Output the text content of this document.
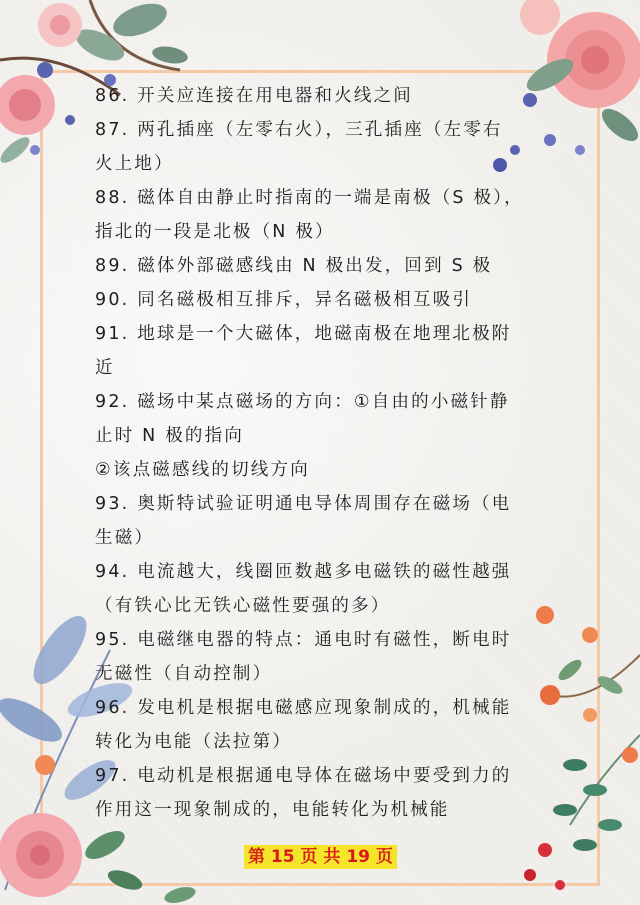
86. 开关应连接在用电器和火线之间
87. 两孔插座（左零右火），三孔插座（左零右
火上地）
88. 磁体自由静止时指南的一端是南极（S 极），
指北的一段是北极（N 极）
89. 磁体外部磁感线由 N 极出发，回到 S 极
90. 同名磁极相互排斥，异名磁极相互吸引
91. 地球是一个大磁体，地磁南极在地理北极附
近
92. 磁场中某点磁场的方向：①自由的小磁针静
止时 N 极的指向
②该点磁感线的切线方向
93. 奥斯特试验证明通电导体周围存在磁场（电
生磁）
94. 电流越大，线圈匝数越多电磁铁的磁性越强
（有铁心比无铁心磁性要强的多）
95. 电磁继电器的特点：通电时有磁性，断电时
无磁性（自动控制）
96. 发电机是根据电磁感应现象制成的，机械能
转化为电能（法拉第）
97. 电动机是根据通电导体在磁场中要受到力的
作用这一现象制成的，电能转化为机械能
第 15 页 共 19 页
